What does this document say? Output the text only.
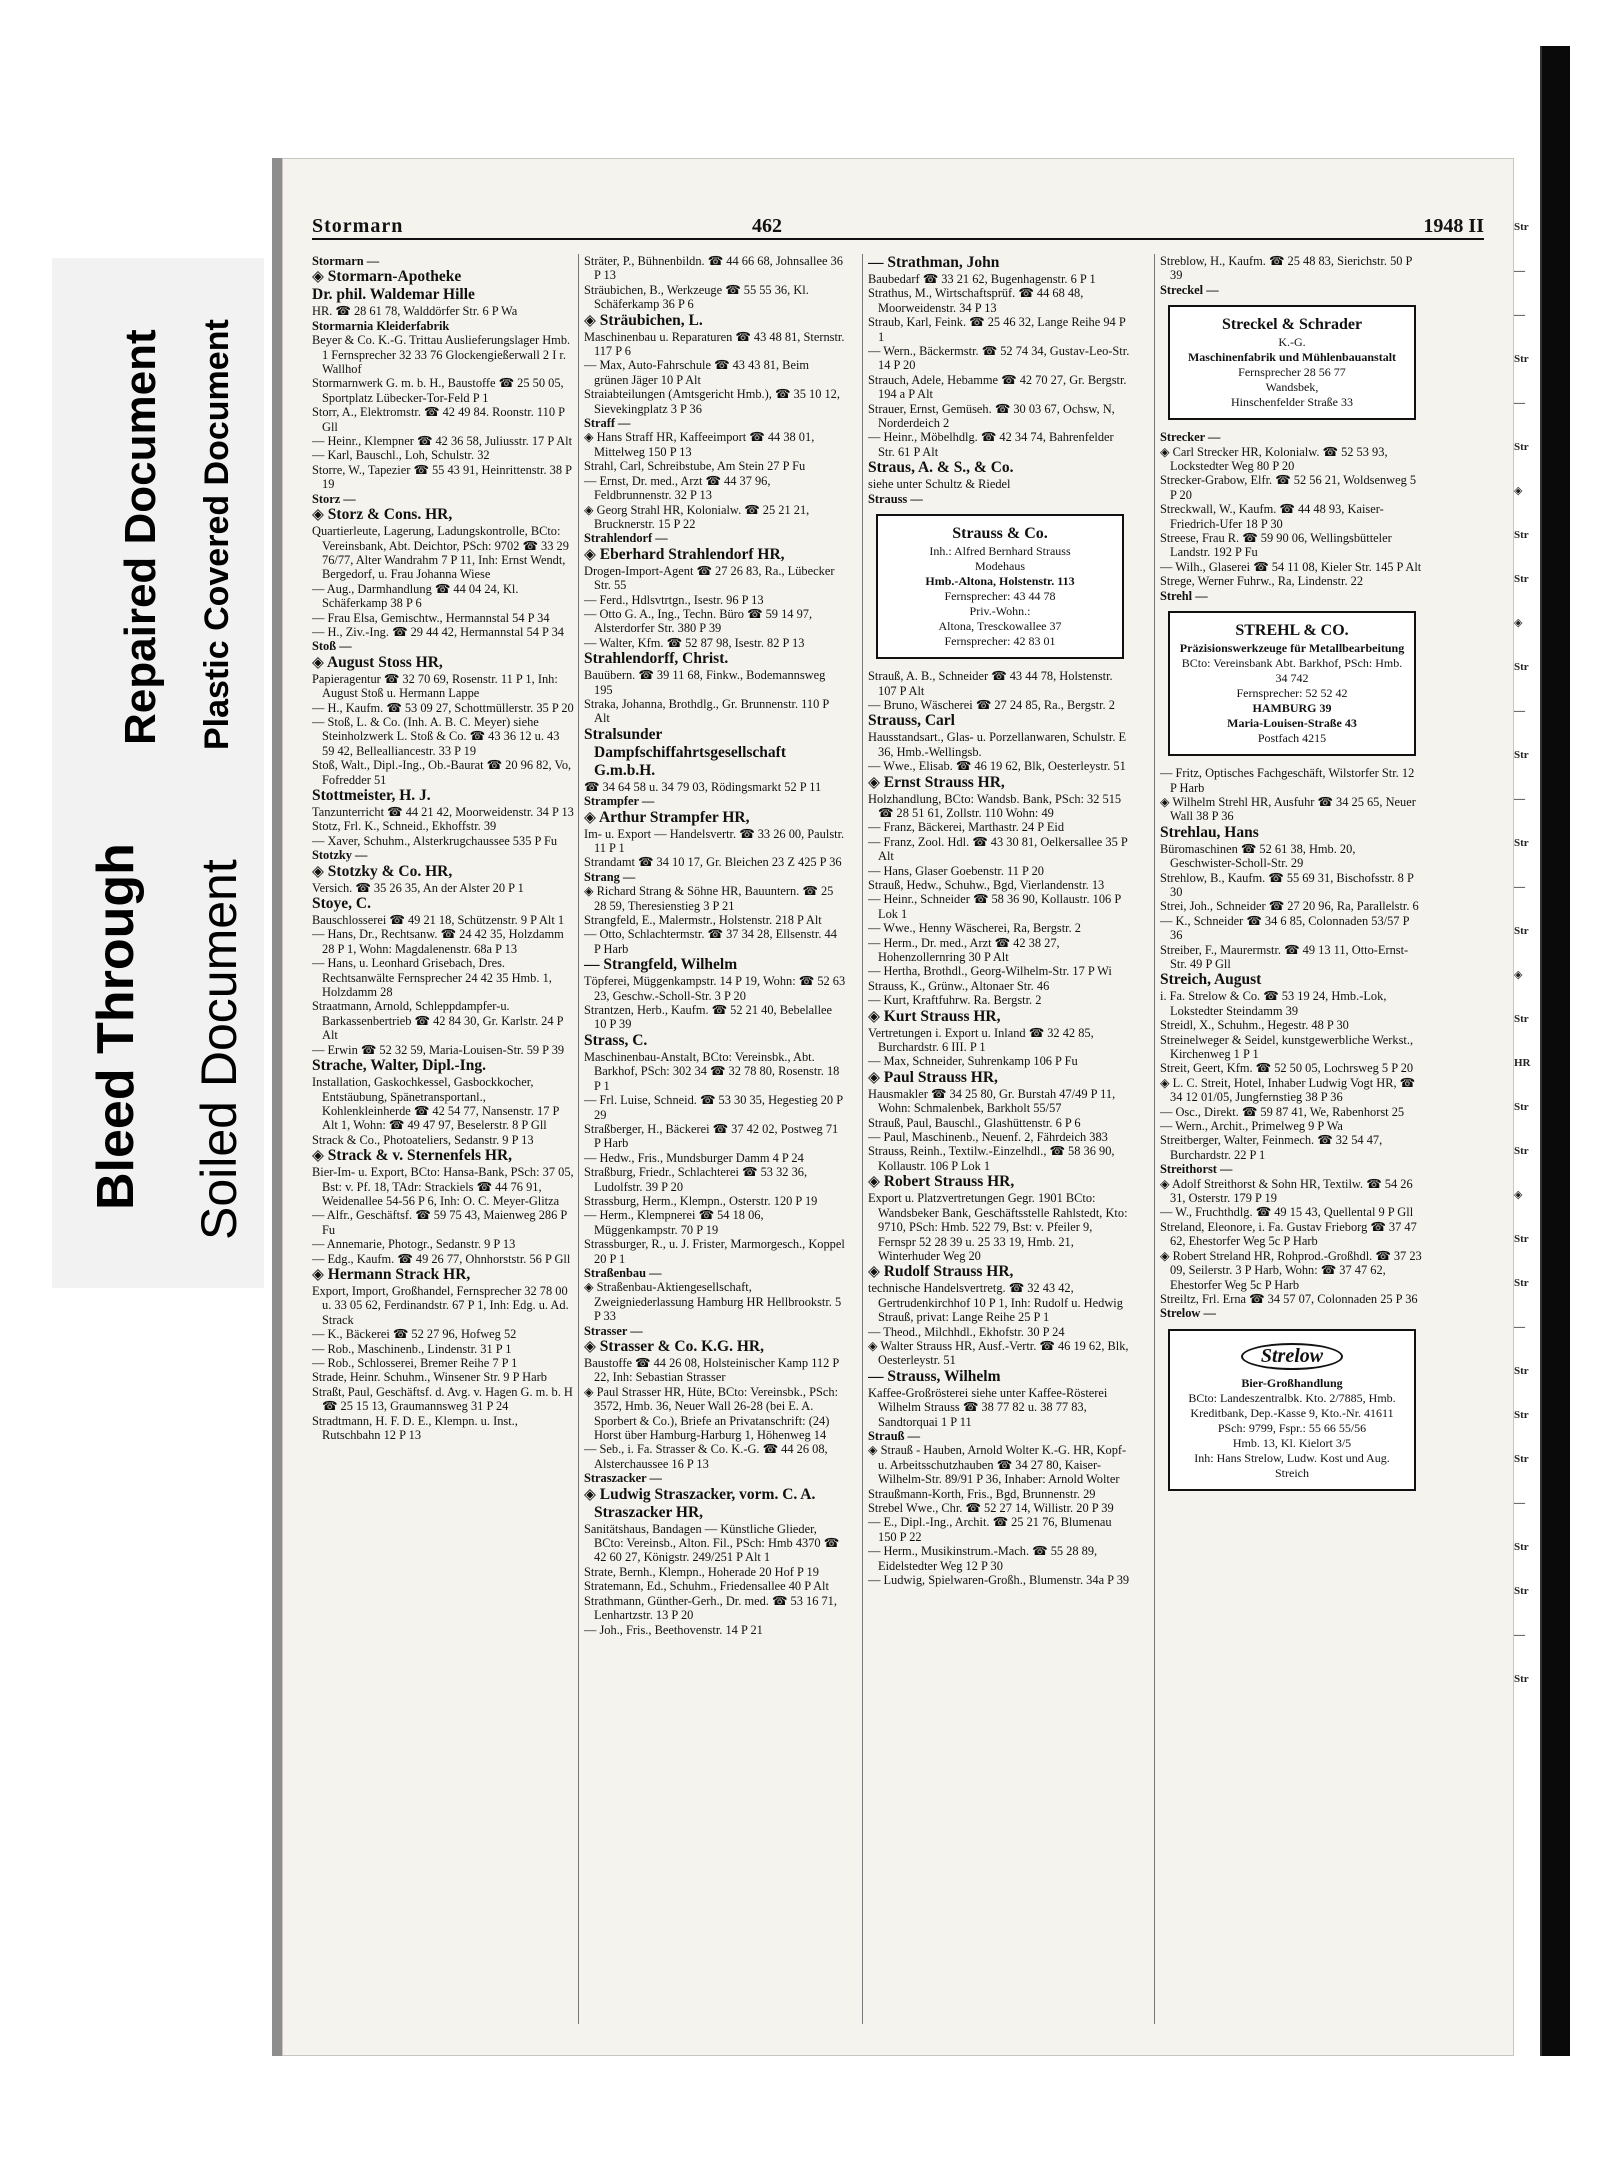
Bleed Through
Repaired Document Plastic Covered Document
Soiled Document
Stormarn	462	1948 II

Stormarn —

◈ Stormarn-Apotheke

Dr. phil. Waldemar Hille

HR. ☎ 28 61 78, Walddörfer Str. 6 P Wa

Stormarnia Kleiderfabrik

Beyer & Co. K.-G. Trittau Auslieferungslager Hmb. 1 Fernsprecher 32 33 76 Glockengießerwall 2 I r. Wallhof

Stormarnwerk G. m. b. H., Baustoffe ☎ 25 50 05, Sportplatz Lübecker-Tor-Feld P 1

Storr, A., Elektromstr. ☎ 42 49 84. Roonstr. 110 P Gll

— Heinr., Klempner ☎ 42 36 58, Juliusstr. 17 P Alt

— Karl, Bauschl., Loh, Schulstr. 32

Storre, W., Tapezier ☎ 55 43 91, Heinrittenstr. 38 P 19

Storz —

◈ Storz & Cons. HR,

Quartierleute, Lagerung, Ladungskontrolle, BCto: Vereinsbank, Abt. Deichtor, PSch: 9702 ☎ 33 29 76/77, Alter Wandrahm 7 P 11, Inh: Ernst Wendt, Bergedorf, u. Frau Johanna Wiese

— Aug., Darmhandlung ☎ 44 04 24, Kl. Schäferkamp 38 P 6

— Frau Elsa, Gemischtw., Hermannstal 54 P 34

— H., Ziv.-Ing. ☎ 29 44 42, Hermannstal 54 P 34

Stoß —

◈ August Stoss HR,

Papieragentur ☎ 32 70 69, Rosenstr. 11 P 1, Inh: August Stoß u. Hermann Lappe

— H., Kaufm. ☎ 53 09 27, Schottmüllerstr. 35 P 20

— Stoß, L. & Co. (Inh. A. B. C. Meyer) siehe Steinholzwerk L. Stoß & Co. ☎ 43 36 12 u. 43 59 42, Belleallianсestr. 33 P 19

Stoß, Walt., Dipl.-Ing., Ob.-Baurat ☎ 20 96 82, Vo, Fofredder 51

Stottmeister, H. J.

Tanzunterricht ☎ 44 21 42, Moorweidenstr. 34 P 13

Stotz, Frl. K., Schneid., Ekhoffstr. 39

— Xaver, Schuhm., Alsterkrugchaussee 535 P Fu

Stotzky —

◈ Stotzky & Co. HR,

Versich. ☎ 35 26 35, An der Alster 20 P 1

Stoye, C.

Bauschlosserei ☎ 49 21 18, Schützenstr. 9 P Alt 1

— Hans, Dr., Rechtsanw. ☎ 24 42 35, Holzdamm 28 P 1, Wohn: Magdalenenstr. 68a P 13

— Hans, u. Leonhard Grisebach, Dres. Rechtsanwälte Fernsprecher 24 42 35 Hmb. 1, Holzdamm 28

Straatmann, Arnold, Schleppdampfer-u. Barkassenbertrieb ☎ 42 84 30, Gr. Karlstr. 24 P Alt

— Erwin ☎ 52 32 59, Maria-Louisen-Str. 59 P 39

Strache, Walter, Dipl.-Ing.

Installation, Gaskochkessel, Gasbockkocher, Entstäubung, Spänetransportanl., Kohlenkleinherde ☎ 42 54 77, Nansenstr. 17 P Alt 1, Wohn: ☎ 49 47 97, Beselerstr. 8 P Gll

Strack & Co., Photoateliers, Sedanstr. 9 P 13

◈ Strack & v. Sternenfels HR,

Bier-Im- u. Export, BCto: Hansa-Bank, PSch: 37 05, Bst: v. Pf. 18, TAdr: Strackiels ☎ 44 76 91, Weidenallee 54-56 P 6, Inh: O. C. Meyer-Glitza

— Alfr., Geschäftsf. ☎ 59 75 43, Maienweg 286 P Fu

— Annemarie, Photogr., Sedanstr. 9 P 13

— Edg., Kaufm. ☎ 49 26 77, Ohnhorststr. 56 P Gll

◈ Hermann Strack HR,

Export, Import, Großhandel, Fernsprecher 32 78 00 u. 33 05 62, Ferdinandstr. 67 P 1, Inh: Edg. u. Ad. Strack

— K., Bäckerei ☎ 52 27 96, Hofweg 52

— Rob., Maschinenb., Lindenstr. 31 P 1

— Rob., Schlosserei, Bremer Reihe 7 P 1

Strade, Heinr. Schuhm., Winsener Str. 9 P Harb

Straßt, Paul, Geschäftsf. d. Avg. v. Hagen G. m. b. H ☎ 25 15 13, Graumannsweg 31 P 24

Stradtmann, H. F. D. E., Klempn. u. Inst., Rutschbahn 12 P 13

Sträter, P., Bühnenbildn. ☎ 44 66 68, Johnsallee 36 P 13

Sträubichen, B., Werkzeuge ☎ 55 55 36, Kl. Schäferkamp 36 P 6

◈ Sträubichen, L.

Maschinenbau u. Reparaturen ☎ 43 48 81, Sternstr. 117 P 6

— Max, Auto-Fahrschule ☎ 43 43 81, Beim grünen Jäger 10 P Alt

Straiabteilungen (Amtsgericht Hmb.), ☎ 35 10 12, Sievekingplatz 3 P 36

Straff —

◈ Hans Straff HR, Kaffeeimport ☎ 44 38 01, Mittelweg 150 P 13

Strahl, Carl, Schreibstube, Am Stein 27 P Fu

— Ernst, Dr. med., Arzt ☎ 44 37 96, Feldbrunnenstr. 32 P 13

◈ Georg Strahl HR, Kolonialw. ☎ 25 21 21, Brucknerstr. 15 P 22

Strahlendorf —

◈ Eberhard Strahlendorf HR,

Drogen-Import-Agent ☎ 27 26 83, Ra., Lübecker Str. 55

— Ferd., Hdlsvtrtgn., Isestr. 96 P 13

— Otto G. A., Ing., Techn. Büro ☎ 59 14 97, Alsterdorfer Str. 380 P 39

— Walter, Kfm. ☎ 52 87 98, Isestr. 82 P 13

Strahlendorff, Christ.

Bauübern. ☎ 39 11 68, Finkw., Bodemannsweg 195

Straka, Johanna, Brothdlg., Gr. Brunnenstr. 110 P Alt

Stralsunder Dampfschiffahrtsgesellschaft G.m.b.H.

☎ 34 64 58 u. 34 79 03, Rödingsmarkt 52 P 11

Strampfer —

◈ Arthur Strampfer HR,

Im- u. Export — Handelsvertr. ☎ 33 26 00, Paulstr. 11 P 1

Strandamt ☎ 34 10 17, Gr. Bleichen 23 Z 425 P 36

Strang —

◈ Richard Strang & Söhne HR, Bauuntern. ☎ 25 28 59, Theresienstieg 3 P 21

Strangfeld, E., Malermstr., Holstenstr. 218 P Alt

— Otto, Schlachtermstr. ☎ 37 34 28, Ellsenstr. 44 P Harb

— Strangfeld, Wilhelm

Töpferei, Müggenkampstr. 14 P 19, Wohn: ☎ 52 63 23, Geschw.-Scholl-Str. 3 P 20

Strantzen, Herb., Kaufm. ☎ 52 21 40, Bebelallee 10 P 39

Strass, C.

Maschinenbau-Anstalt, BCto: Vereinsbk., Abt. Barkhof, PSch: 302 34 ☎ 32 78 80, Rosenstr. 18 P 1

— Frl. Luise, Schneid. ☎ 53 30 35, Hegestieg 20 P 29

Straßberger, H., Bäckerei ☎ 37 42 02, Postweg 71 P Harb

— Hedw., Fris., Mundsburger Damm 4 P 24

Straßburg, Friedr., Schlachterei ☎ 53 32 36, Ludolfstr. 39 P 20

Strassburg, Herm., Klempn., Osterstr. 120 P 19

— Herm., Klempnerei ☎ 54 18 06, Müggenkampstr. 70 P 19

Strassburger, R., u. J. Frister, Marmorgesch., Koppel 20 P 1

Straßenbau —

◈ Straßenbau-Aktiengesellschaft, Zweigniederlassung Hamburg HR Hellbrookstr. 5 P 33

Strasser —

◈ Strasser & Co. K.G. HR,

Baustoffe ☎ 44 26 08, Holsteinischer Kamp 112 P 22, Inh: Sebastian Strasser

◈ Paul Strasser HR, Hüte, BCto: Vereinsbk., PSch: 3572, Hmb. 36, Neuer Wall 26-28 (bei E. A. Sporbert & Co.), Briefe an Privatanschrift: (24) Horst über Hamburg-Harburg 1, Höhenweg 14

— Seb., i. Fa. Strasser & Co. K.-G. ☎ 44 26 08, Alsterchaussee 16 P 13

Straszacker —

◈ Ludwig Straszacker, vorm. C. A. Straszacker HR,

Sanitätshaus, Bandagen — Künstliche Glieder, BCto: Vereinsb., Alton. Fil., PSch: Hmb 4370 ☎ 42 60 27, Königstr. 249/251 P Alt 1

Strate, Bernh., Klempn., Hoherade 20 Hof P 19

Stratemann, Ed., Schuhm., Friedensallee 40 P Alt

Strathmann, Günther-Gerh., Dr. med. ☎ 53 16 71, Lenhartzstr. 13 P 20

— Joh., Fris., Beethovenstr. 14 P 21

— Strathman, John

Baubedarf ☎ 33 21 62, Bugenhagenstr. 6 P 1

Strathus, M., Wirtschaftsprüf. ☎ 44 68 48, Moorweidenstr. 34 P 13

Straub, Karl, Feink. ☎ 25 46 32, Lange Reihe 94 P 1

— Wern., Bäckermstr. ☎ 52 74 34, Gustav-Leo-Str. 14 P 20

Strauch, Adele, Hebamme ☎ 42 70 27, Gr. Bergstr. 194 a P Alt

Strauer, Ernst, Gemüseh. ☎ 30 03 67, Ochsw, N, Norderdeich 2

— Heinr., Möbelhdlg. ☎ 42 34 74, Bahrenfelder Str. 61 P Alt

Straus, A. & S., & Co.

siehe unter Schultz & Riedel

Strauss —

Strauss & Co.
Inh.: Alfred Bernhard Strauss
Modehaus
Hmb.-Altona, Holstenstr. 113
Fernsprecher: 43 44 78
Priv.-Wohn.:
Altona, Tresckowallee 37
Fernsprecher: 42 83 01

Strauß, A. B., Schneider ☎ 43 44 78, Holstenstr. 107 P Alt

— Bruno, Wäscherei ☎ 27 24 85, Ra., Bergstr. 2

Strauss, Carl

Hausstandsart., Glas- u. Porzellanwaren, Schulstr. E 36, Hmb.-Wellingsb.

— Wwe., Elisab. ☎ 46 19 62, Blk, Oesterleystr. 51

◈ Ernst Strauss HR,

Holzhandlung, BCto: Wandsb. Bank, PSch: 32 515 ☎ 28 51 61, Zollstr. 110 Wohn: 49

— Franz, Bäckerei, Marthastr. 24 P Eid

— Franz, Zool. Hdl. ☎ 43 30 81, Oelkersallee 35 P Alt

— Hans, Glaser Goebenstr. 11 P 20

Strauß, Hedw., Schuhw., Bgd, Vierlandenstr. 13

— Heinr., Schneider ☎ 58 36 90, Kollaustr. 106 P Lok 1

— Wwe., Henny Wäscherei, Ra, Bergstr. 2

— Herm., Dr. med., Arzt ☎ 42 38 27, Hohenzollernring 30 P Alt

— Hertha, Brothdl., Georg-Wilhelm-Str. 17 P Wi

Strauss, K., Grünw., Altonaer Str. 46

— Kurt, Kraftfuhrw. Ra. Bergstr. 2

◈ Kurt Strauss HR,

Vertretungen i. Export u. Inland ☎ 32 42 85, Burchardstr. 6 III. P 1

— Max, Schneider, Suhrenkamp 106 P Fu

◈ Paul Strauss HR,

Hausmakler ☎ 34 25 80, Gr. Burstah 47/49 P 11, Wohn: Schmalenbek, Barkholt 55/57

Strauß, Paul, Bauschl., Glashüttenstr. 6 P 6

— Paul, Maschinenb., Neuenf. 2, Fährdeich 383

Strauss, Reinh., Textilw.-Einzelhdl., ☎ 58 36 90, Kollaustr. 106 P Lok 1

◈ Robert Strauss HR,

Export u. Platzvertretungen Gegr. 1901 BCto: Wandsbeker Bank, Geschäftsstelle Rahlstedt, Kto: 9710, PSch: Hmb. 522 79, Bst: v. Pfeiler 9, Fernspr 52 28 39 u. 25 33 19, Hmb. 21, Winterhuder Weg 20

◈ Rudolf Strauss HR,

technische Handelsvertretg. ☎ 32 43 42, Gertrudenkirchhof 10 P 1, Inh: Rudolf u. Hedwig Strauß, privat: Lange Reihe 25 P 1

— Theod., Milchhdl., Ekhofstr. 30 P 24

◈ Walter Strauss HR, Ausf.-Vertr. ☎ 46 19 62, Blk, Oesterleystr. 51

— Strauss, Wilhelm

Kaffee-Großrösterei siehe unter Kaffee-Rösterei Wilhelm Strauss ☎ 38 77 82 u. 38 77 83, Sandtorquai 1 P 11

Strauß —

◈ Strauß - Hauben, Arnold Wolter K.-G. HR, Kopf- u. Arbeitsschutzhauben ☎ 34 27 80, Kaiser-Wilhelm-Str. 89/91 P 36, Inhaber: Arnold Wolter

Straußmann-Korth, Fris., Bgd, Brunnenstr. 29

Strebel Wwe., Chr. ☎ 52 27 14, Willistr. 20 P 39

— E., Dipl.-Ing., Archit. ☎ 25 21 76, Blumenau 150 P 22

— Herm., Musikinstrum.-Mach. ☎ 55 28 89, Eidelstedter Weg 12 P 30

— Ludwig, Spielwaren-Großh., Blumenstr. 34a P 39

Streblow, H., Kaufm. ☎ 25 48 83, Sierichstr. 50 P 39

Streckel —

Streckel & Schrader
K.-G.
Maschinenfabrik und Mühlenbauanstalt
Fernsprecher 28 56 77
Wandsbek,
Hinschenfelder Straße 33

Strecker —

◈ Carl Strecker HR, Kolonialw. ☎ 52 53 93, Lockstedter Weg 80 P 20

Strecker-Grabow, Elfr. ☎ 52 56 21, Woldsenweg 5 P 20

Streckwall, W., Kaufm. ☎ 44 48 93, Kaiser-Friedrich-Ufer 18 P 30

Streese, Frau R. ☎ 59 90 06, Wellingsbütteler Landstr. 192 P Fu

— Wilh., Glaserei ☎ 54 11 08, Kieler Str. 145 P Alt

Strege, Werner Fuhrw., Ra, Lindenstr. 22

Strehl —

STREHL & CO.
Präzisionswerkzeuge für Metallbearbeitung
BCto: Vereinsbank Abt. Barkhof, PSch: Hmb. 34 742
Fernsprecher: 52 52 42
HAMBURG 39
Maria-Louisen-Straße 43
Postfach 4215

— Fritz, Optisches Fachgeschäft, Wilstorfer Str. 12 P Harb

◈ Wilhelm Strehl HR, Ausfuhr ☎ 34 25 65, Neuer Wall 38 P 36

Strehlau, Hans

Büromaschinen ☎ 52 61 38, Hmb. 20, Geschwister-Scholl-Str. 29

Strehlow, B., Kaufm. ☎ 55 69 31, Bischofsstr. 8 P 30

Strei, Joh., Schneider ☎ 27 20 96, Ra, Parallelstr. 6

— K., Schneider ☎ 34 6 85, Colonnaden 53/57 P 36

Streiber, F., Maurermstr. ☎ 49 13 11, Otto-Ernst-Str. 49 P Gll

Streich, August

i. Fa. Strelow & Co. ☎ 53 19 24, Hmb.-Lok, Lokstedter Steindamm 39

Streidl, X., Schuhm., Hegestr. 48 P 30

Streinelweger & Seidel, kunstgewerbliche Werkst., Kirchenweg 1 P 1

Streit, Geert, Kfm. ☎ 52 50 05, Lochrsweg 5 P 20

◈ L. C. Streit, Hotel, Inhaber Ludwig Vogt HR, ☎ 34 12 01/05, Jungfernstieg 38 P 36

— Osc., Direkt. ☎ 59 87 41, We, Rabenhorst 25

— Wern., Archit., Primelweg 9 P Wa

Streitberger, Walter, Feinmech. ☎ 32 54 47, Burchardstr. 22 P 1

Streithorst —

◈ Adolf Streithorst & Sohn HR, Textilw. ☎ 54 26 31, Osterstr. 179 P 19

— W., Fruchthdlg. ☎ 49 15 43, Quellental 9 P Gll

Streland, Eleonore, i. Fa. Gustav Frieborg ☎ 37 47 62, Ehestorfer Weg 5c P Harb

◈ Robert Streland HR, Rohprod.-Großhdl. ☎ 37 23 09, Seilerstr. 3 P Harb, Wohn: ☎ 37 47 62, Ehestorfer Weg 5c P Harb

Streiltz, Frl. Erna ☎ 34 57 07, Colonnaden 25 P 36

Strelow —

Strelow
Bier-Großhandlung
BCto: Landeszentralbk. Kto. 2/7885, Hmb. Kreditbank, Dep.-Kasse 9, Kto.-Nr. 41611 PSch: 9799, Fspr.: 55 66 55/56
Hmb. 13, Kl. Kielort 3/5
Inh: Hans Strelow, Ludw. Kost und Aug. Streich
Str
—
—
Str
—
Str
◈
Str
Str
◈
Str
—
Str
—
Str
—
Str
◈
Str
HR
Str
Str
◈
Str
Str
—
Str
Str
Str
—
Str
Str
—
Str
